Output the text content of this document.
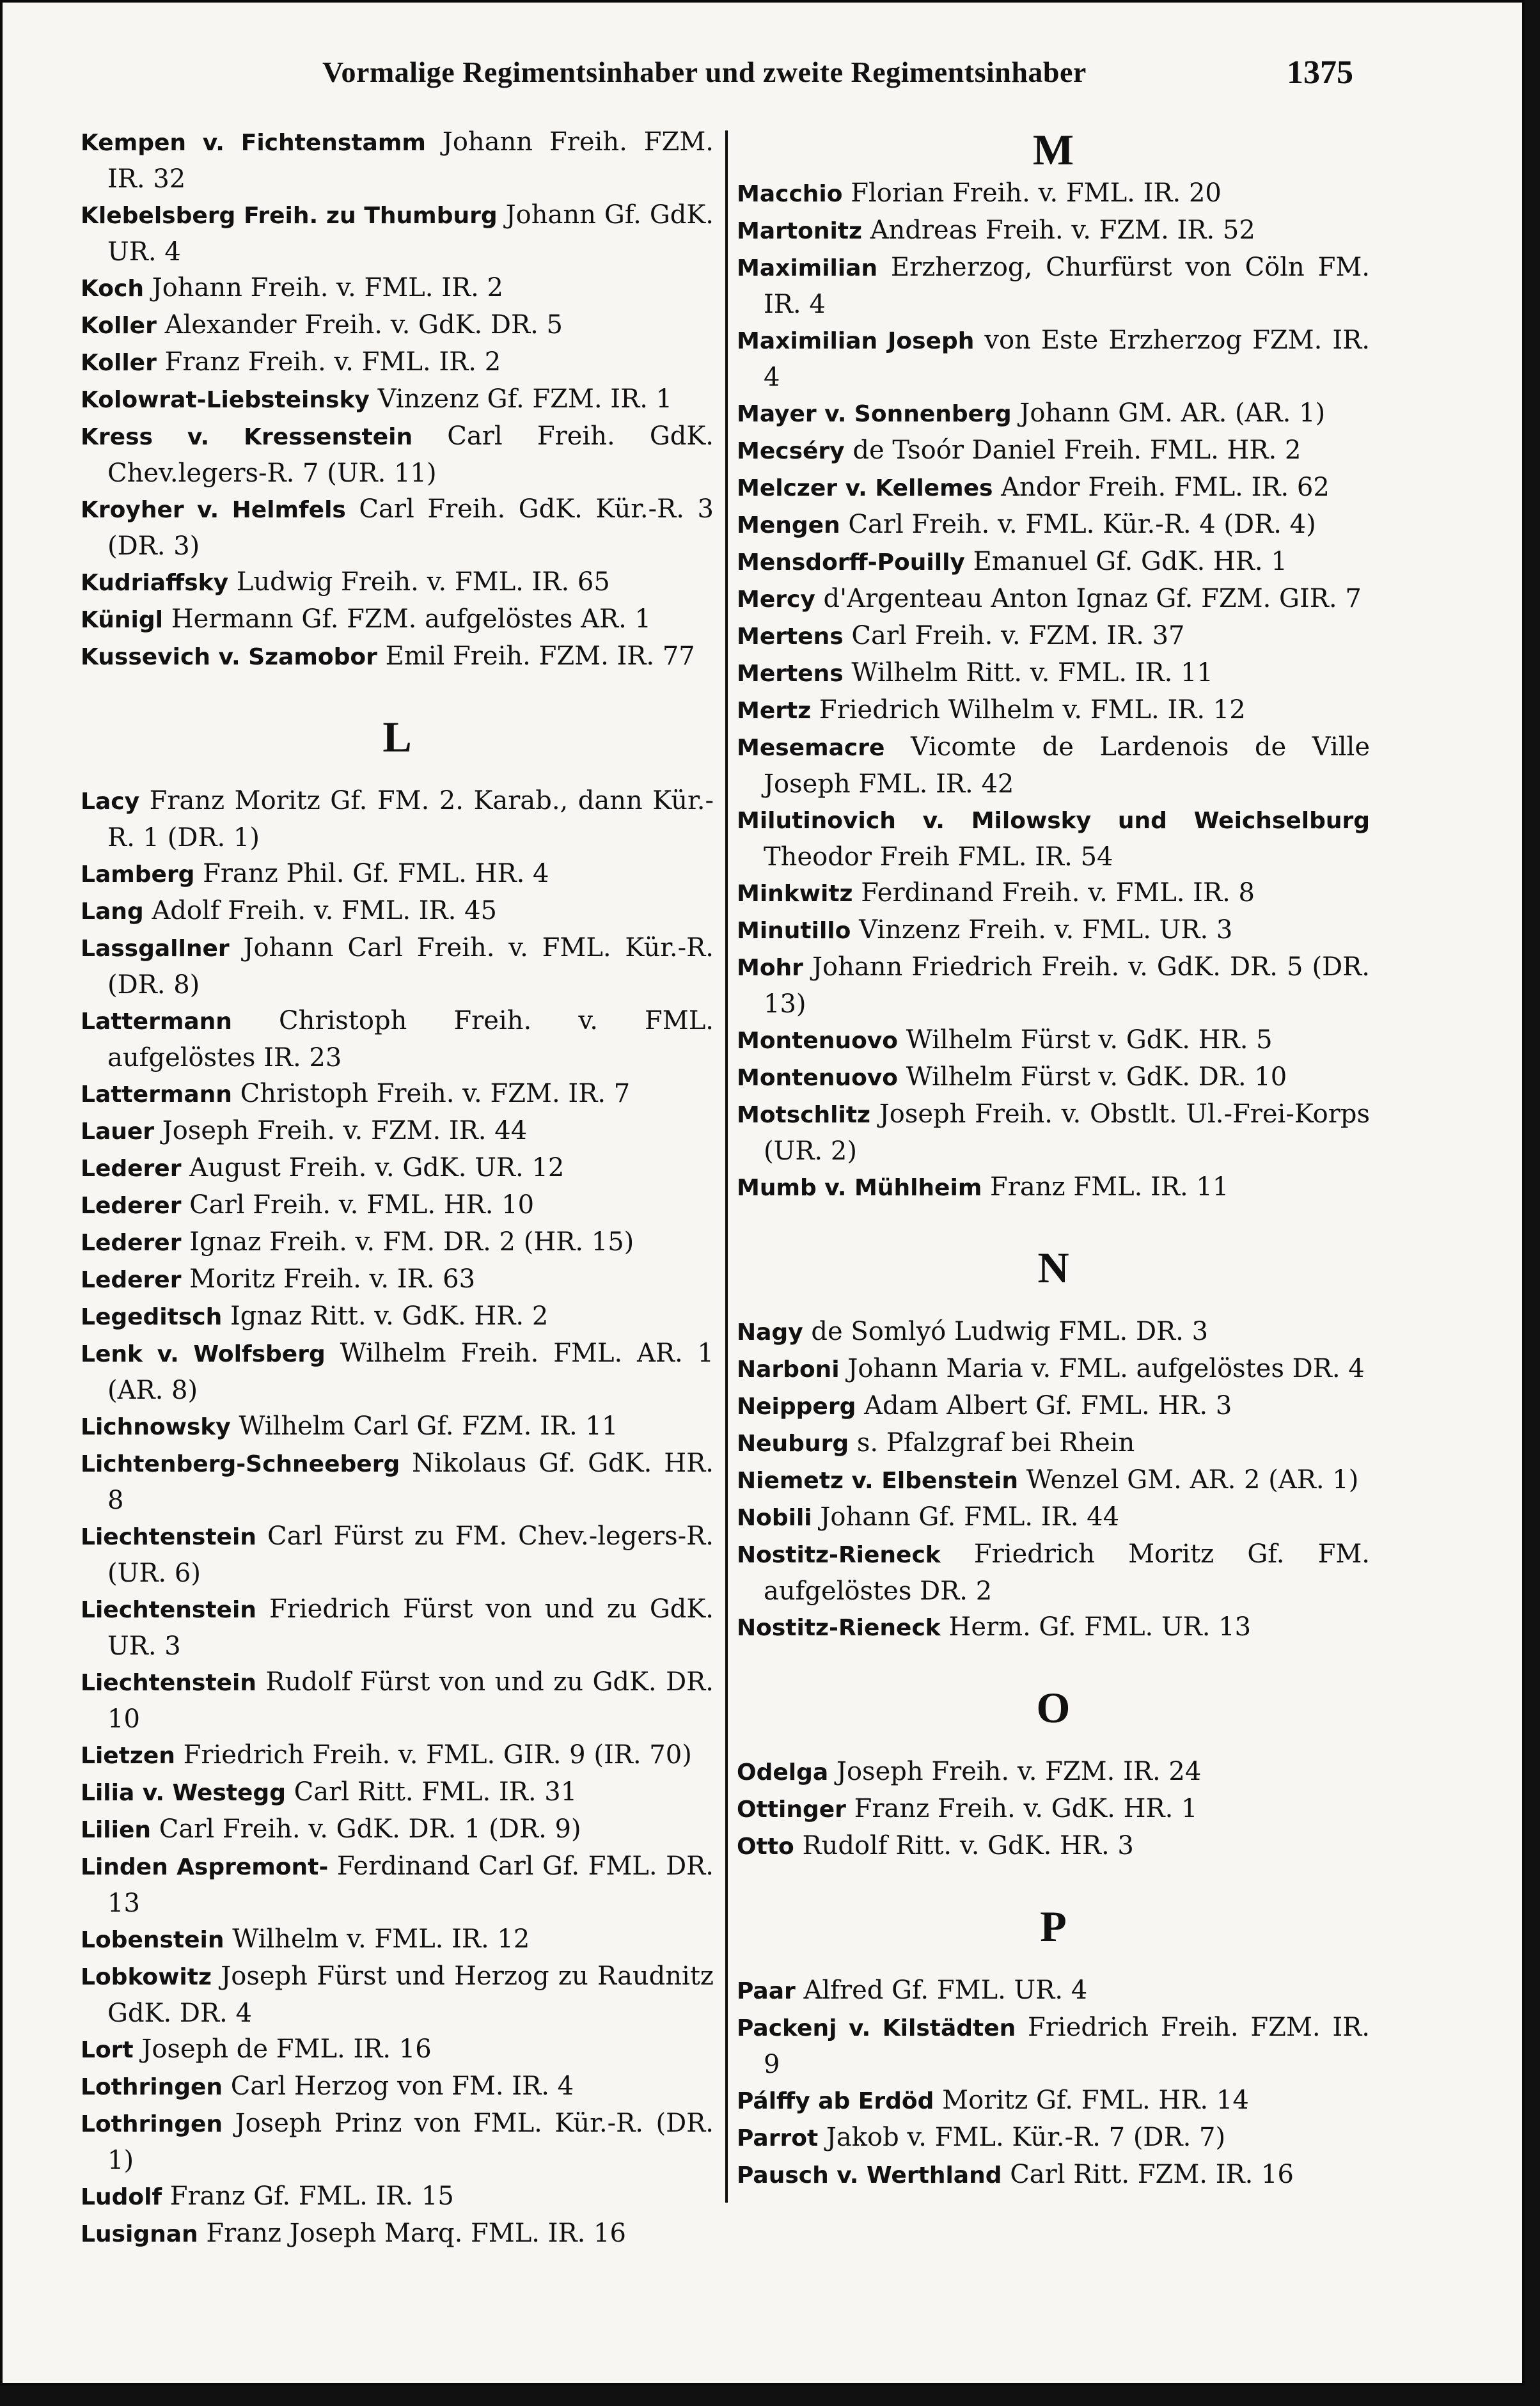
Vormalige Regimentsinhaber und zweite Regimentsinhaber	1375

Kempen v. Fichtenstamm Johann Freih. FZM. IR. 32

Klebelsberg Freih. zu Thumburg Johann Gf. GdK. UR. 4

Koch Johann Freih. v. FML. IR. 2

Koller Alexander Freih. v. GdK. DR. 5

Koller Franz Freih. v. FML. IR. 2

Kolowrat-Liebsteinsky Vinzenz Gf. FZM. IR. 1

Kress v. Kressenstein Carl Freih. GdK. Chev.legers-R. 7 (UR. 11)

Kroyher v. Helmfels Carl Freih. GdK. Kür.-R. 3 (DR. 3)

Kudriaffsky Ludwig Freih. v. FML. IR. 65

Künigl Hermann Gf. FZM. aufgelöstes AR. 1

Kussevich v. Szamobor Emil Freih. FZM. IR. 77

L

Lacy Franz Moritz Gf. FM. 2. Karab., dann Kür.-R. 1 (DR. 1)

Lamberg Franz Phil. Gf. FML. HR. 4

Lang Adolf Freih. v. FML. IR. 45

Lassgallner Johann Carl Freih. v. FML. Kür.-R. (DR. 8)

Lattermann Christoph Freih. v. FML. aufgelöstes IR. 23

Lattermann Christoph Freih. v. FZM. IR. 7

Lauer Joseph Freih. v. FZM. IR. 44

Lederer August Freih. v. GdK. UR. 12

Lederer Carl Freih. v. FML. HR. 10

Lederer Ignaz Freih. v. FM. DR. 2 (HR. 15)

Lederer Moritz Freih. v. IR. 63

Legeditsch Ignaz Ritt. v. GdK. HR. 2

Lenk v. Wolfsberg Wilhelm Freih. FML. AR. 1 (AR. 8)

Lichnowsky Wilhelm Carl Gf. FZM. IR. 11

Lichtenberg-Schneeberg Nikolaus Gf. GdK. HR. 8

Liechtenstein Carl Fürst zu FM. Chev.-legers-R. (UR. 6)

Liechtenstein Friedrich Fürst von und zu GdK. UR. 3

Liechtenstein Rudolf Fürst von und zu GdK. DR. 10

Lietzen Friedrich Freih. v. FML. GIR. 9 (IR. 70)

Lilia v. Westegg Carl Ritt. FML. IR. 31

Lilien Carl Freih. v. GdK. DR. 1 (DR. 9)

Linden Aspremont- Ferdinand Carl Gf. FML. DR. 13

Lobenstein Wilhelm v. FML. IR. 12

Lobkowitz Joseph Fürst und Herzog zu Raudnitz GdK. DR. 4

Lort Joseph de FML. IR. 16

Lothringen Carl Herzog von FM. IR. 4

Lothringen Joseph Prinz von FML. Kür.-R. (DR. 1)

Ludolf Franz Gf. FML. IR. 15

Lusignan Franz Joseph Marq. FML. IR. 16

M

Macchio Florian Freih. v. FML. IR. 20

Martonitz Andreas Freih. v. FZM. IR. 52

Maximilian Erzherzog, Churfürst von Cöln FM. IR. 4

Maximilian Joseph von Este Erzherzog FZM. IR. 4

Mayer v. Sonnenberg Johann GM. AR. (AR. 1)

Mecséry de Tsoór Daniel Freih. FML. HR. 2

Melczer v. Kellemes Andor Freih. FML. IR. 62

Mengen Carl Freih. v. FML. Kür.-R. 4 (DR. 4)

Mensdorff-Pouilly Emanuel Gf. GdK. HR. 1

Mercy d'Argenteau Anton Ignaz Gf. FZM. GIR. 7

Mertens Carl Freih. v. FZM. IR. 37

Mertens Wilhelm Ritt. v. FML. IR. 11

Mertz Friedrich Wilhelm v. FML. IR. 12

Mesemacre Vicomte de Lardenois de Ville Joseph FML. IR. 42

Milutinovich v. Milowsky und Weichselburg Theodor Freih FML. IR. 54

Minkwitz Ferdinand Freih. v. FML. IR. 8

Minutillo Vinzenz Freih. v. FML. UR. 3

Mohr Johann Friedrich Freih. v. GdK. DR. 5 (DR. 13)

Montenuovo Wilhelm Fürst v. GdK. HR. 5

Montenuovo Wilhelm Fürst v. GdK. DR. 10

Motschlitz Joseph Freih. v. Obstlt. Ul.-Frei-Korps (UR. 2)

Mumb v. Mühlheim Franz FML. IR. 11

N

Nagy de Somlyó Ludwig FML. DR. 3

Narboni Johann Maria v. FML. aufgelöstes DR. 4

Neipperg Adam Albert Gf. FML. HR. 3

Neuburg s. Pfalzgraf bei Rhein

Niemetz v. Elbenstein Wenzel GM. AR. 2 (AR. 1)

Nobili Johann Gf. FML. IR. 44

Nostitz-Rieneck Friedrich Moritz Gf. FM. aufgelöstes DR. 2

Nostitz-Rieneck Herm. Gf. FML. UR. 13

O

Odelga Joseph Freih. v. FZM. IR. 24

Ottinger Franz Freih. v. GdK. HR. 1

Otto Rudolf Ritt. v. GdK. HR. 3

P

Paar Alfred Gf. FML. UR. 4

Packenj v. Kilstädten Friedrich Freih. FZM. IR. 9

Pálffy ab Erdöd Moritz Gf. FML. HR. 14

Parrot Jakob v. FML. Kür.-R. 7 (DR. 7)

Pausch v. Werthland Carl Ritt. FZM. IR. 16
